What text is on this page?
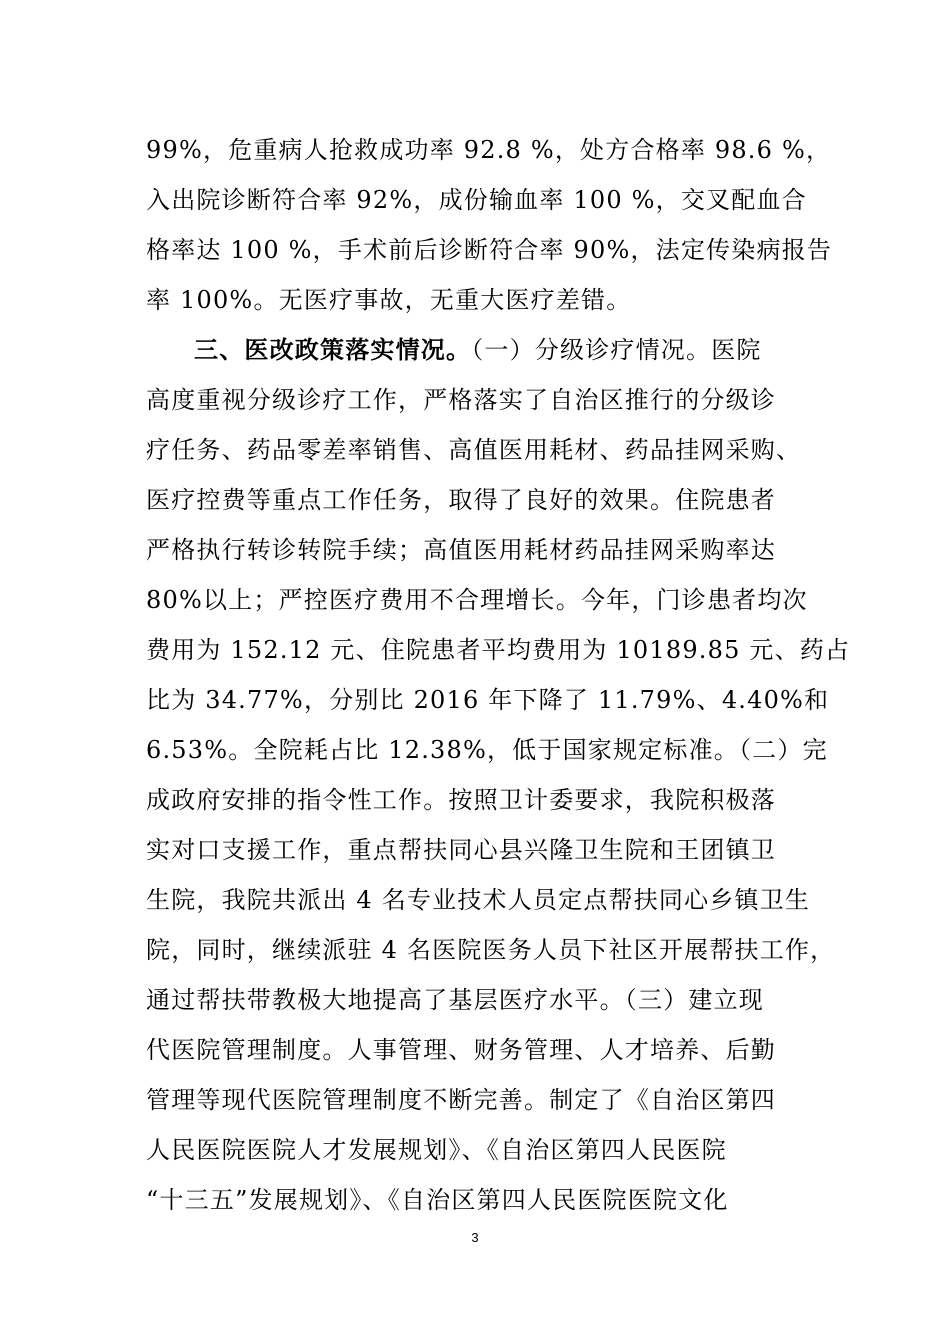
99%，危重病人抢救成功率 92.8 %，处方合格率 98.6 %，
入出院诊断符合率 92%，成份输血率 100 %，交叉配血合
格率达 100 %，手术前后诊断符合率 90%，法定传染病报告
率 100%。无医疗事故，无重大医疗差错。
三、医改政策落实情况。（一）分级诊疗情况。医院
高度重视分级诊疗工作，严格落实了自治区推行的分级诊
疗任务、药品零差率销售、高值医用耗材、药品挂网采购、
医疗控费等重点工作任务，取得了良好的效果。住院患者
严格执行转诊转院手续；高值医用耗材药品挂网采购率达
80%以上；严控医疗费用不合理增长。今年，门诊患者均次
费用为 152.12 元、住院患者平均费用为 10189.85 元、药占
比为 34.77%，分别比 2016 年下降了 11.79%、4.40%和
6.53%。全院耗占比 12.38%，低于国家规定标准。（二）完
成政府安排的指令性工作。按照卫计委要求，我院积极落
实对口支援工作，重点帮扶同心县兴隆卫生院和王团镇卫
生院，我院共派出 4 名专业技术人员定点帮扶同心乡镇卫生
院，同时，继续派驻 4 名医院医务人员下社区开展帮扶工作，
通过帮扶带教极大地提高了基层医疗水平。（三）建立现
代医院管理制度。人事管理、财务管理、人才培养、后勤
管理等现代医院管理制度不断完善。制定了《自治区第四
人民医院医院人才发展规划》、《自治区第四人民医院
“十三五”发展规划》、《自治区第四人民医院医院文化
3
